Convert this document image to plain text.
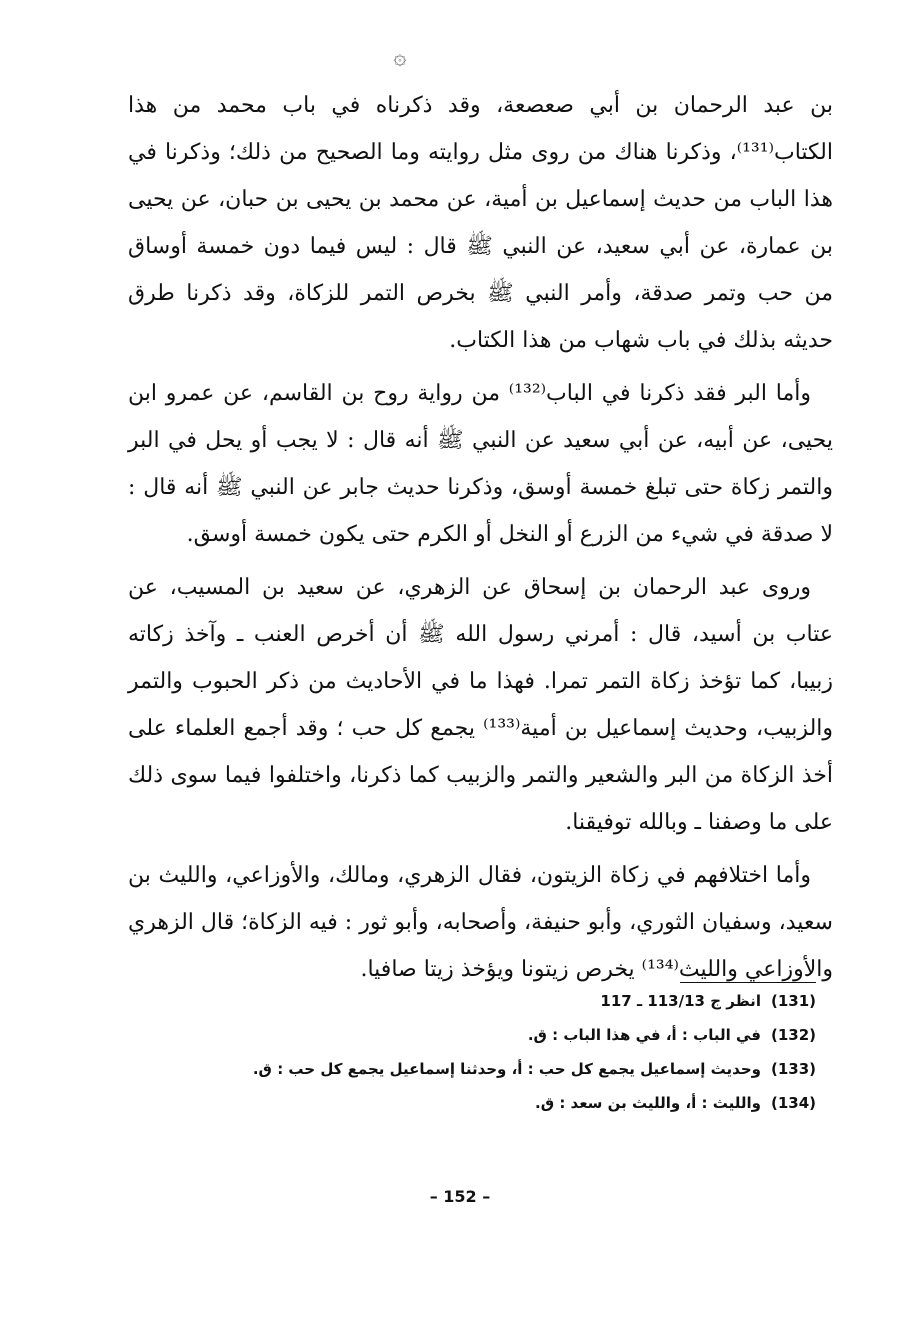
۞

بن عبد الرحمان بن أبي صعصعة، وقد ذكرناه في باب محمد من هذا الكتاب⁽¹³¹⁾، وذكرنا هناك من روى مثل روايته وما الصحيح من ذلك؛ وذكرنا في هذا الباب من حديث إسماعيل بن أمية، عن محمد بن يحيى بن حبان، عن يحيى بن عمارة، عن أبي سعيد، عن النبي ﷺ قال : ليس فيما دون خمسة أوساق من حب وتمر صدقة، وأمر النبي ﷺ بخرص التمر للزكاة، وقد ذكرنا طرق حديثه بذلك في باب شهاب من هذا الكتاب.

وأما البر فقد ذكرنا في الباب⁽¹³²⁾ من رواية روح بن القاسم، عن عمرو ابن يحيى، عن أبيه، عن أبي سعيد عن النبي ﷺ أنه قال : لا يجب أو يحل في البر والتمر زكاة حتى تبلغ خمسة أوسق، وذكرنا حديث جابر عن النبي ﷺ أنه قال : لا صدقة في شيء من الزرع أو النخل أو الكرم حتى يكون خمسة أوسق.

وروى عبد الرحمان بن إسحاق عن الزهري، عن سعيد بن المسيب، عن عتاب بن أسيد، قال : أمرني رسول الله ﷺ أن أخرص العنب ـ وآخذ زكاته زبيبا، كما تؤخذ زكاة التمر تمرا. فهذا ما في الأحاديث من ذكر الحبوب والتمر والزبيب، وحديث إسماعيل بن أمية⁽¹³³⁾ يجمع كل حب ؛ وقد أجمع العلماء على أخذ الزكاة من البر والشعير والتمر والزبيب كما ذكرنا، واختلفوا فيما سوى ذلك على ما وصفنا ـ وبالله توفيقنا.

وأما اختلافهم في زكاة الزيتون، فقال الزهري، ومالك، والأوزاعي، والليث بن سعيد، وسفيان الثوري، وأبو حنيفة، وأصحابه، وأبو ثور : فيه الزكاة؛ قال الزهري والأوزاعي والليث⁽¹³⁴⁾ يخرص زيتونا ويؤخذ زيتا صافيا.

(131)انظر ج 113/13 ـ 117
(132)في الباب : أ، في هذا الباب : ق.
(133)وحديث إسماعيل يجمع كل حب : أ، وحدثنا إسماعيل يجمع كل حب : ق.
(134)والليث : أ، والليث بن سعد : ق.
– 152 –
